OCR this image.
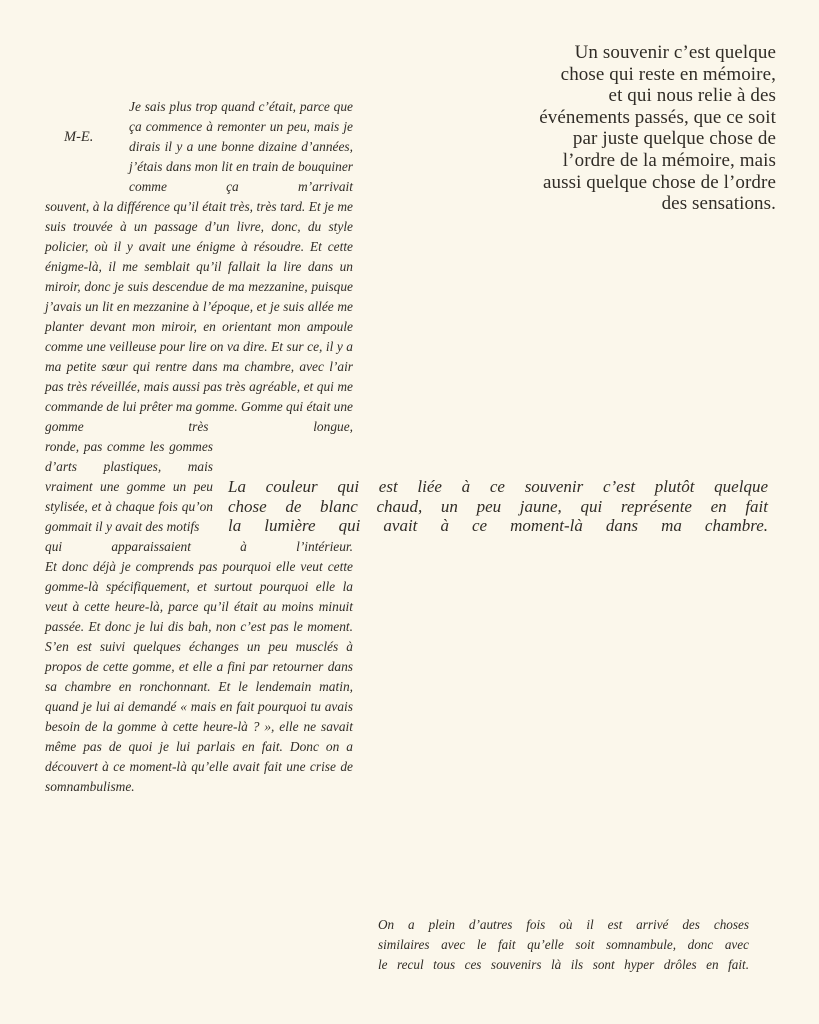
Un souvenir c’est quelque
chose qui reste en mémoire,
et qui nous relie à des
événements passés, que ce soit
par juste quelque chose de
l’ordre de la mémoire, mais
aussi quelque chose de l’ordre
des sensations.
M-E.
Je sais plus trop quand c’était, parce que ça commence à remonter un peu, mais je dirais il y a une bonne dizaine d’années, j’étais dans mon lit en train de bouquiner comme ça m’arrivait
souvent, à la différence qu’il était très, très tard. Et je me suis trouvée à un passage d’un livre, donc, du style policier, où il y avait une énigme à résoudre. Et cette énigme-là, il me semblait qu’il fallait la lire dans un miroir, donc je suis descendue de ma mezzanine, puisque j’avais un lit en mezzanine à l’époque, et je suis allée me planter devant mon miroir, en orientant mon ampoule comme une veilleuse pour lire on va dire. Et sur ce, il y a ma petite sœur qui rentre dans ma chambre, avec l’air pas très réveillée, mais aussi pas très agréable, et qui me commande de lui prêter ma gomme. Gomme qui était une gomme très longue,
ronde, pas comme les gommes d’arts plastiques, mais vraiment une gomme un peu stylisée, et à chaque fois qu’on gommait il y avait des motifs
qui apparaissaient à l’intérieur.
Et donc déjà je comprends pas pourquoi elle veut cette gomme-là spécifiquement, et surtout pourquoi elle la veut à cette heure-là, parce qu’il était au moins minuit passée. Et donc je lui dis bah, non c’est pas le moment. S’en est suivi quelques échanges un peu musclés à propos de cette gomme, et elle a fini par retourner dans sa chambre en ronchonnant. Et le lendemain matin, quand je lui ai demandé « mais en fait pourquoi tu avais besoin de la gomme à cette heure-là ? », elle ne savait même pas de quoi je lui parlais en fait. Donc on a découvert à ce moment-là qu’elle avait fait une crise de somnambulisme.
La couleur qui est liée à ce souvenir c’est plutôt quelque
chose de blanc chaud, un peu jaune, qui représente en fait
la lumière qui avait à ce moment-là dans ma chambre.
On a plein d’autres fois où il est arrivé des choses
similaires avec le fait qu’elle soit somnambule, donc avec
le recul tous ces souvenirs là ils sont hyper drôles en fait.
